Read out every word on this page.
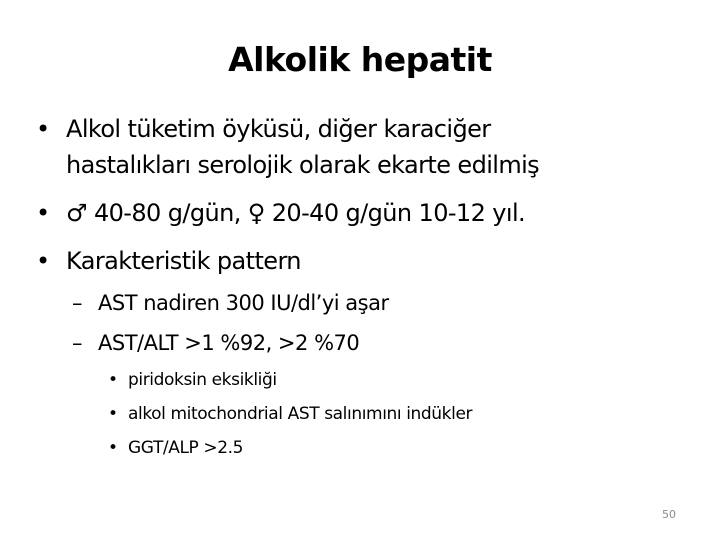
Alkolik hepatit
• Alkol tüketim öyküsü, diğer karaciğer
hastalıkları serolojik olarak ekarte edilmiş
• ♂ 40-80 g/gün, ♀ 20-40 g/gün 10-12 yıl.
• Karakteristik pattern
– AST nadiren 300 IU/dl’yi aşar
– AST/ALT >1 %92, >2 %70
• piridoksin eksikliği
• alkol mitochondrial AST salınımını indükler
• GGT/ALP >2.5
50
